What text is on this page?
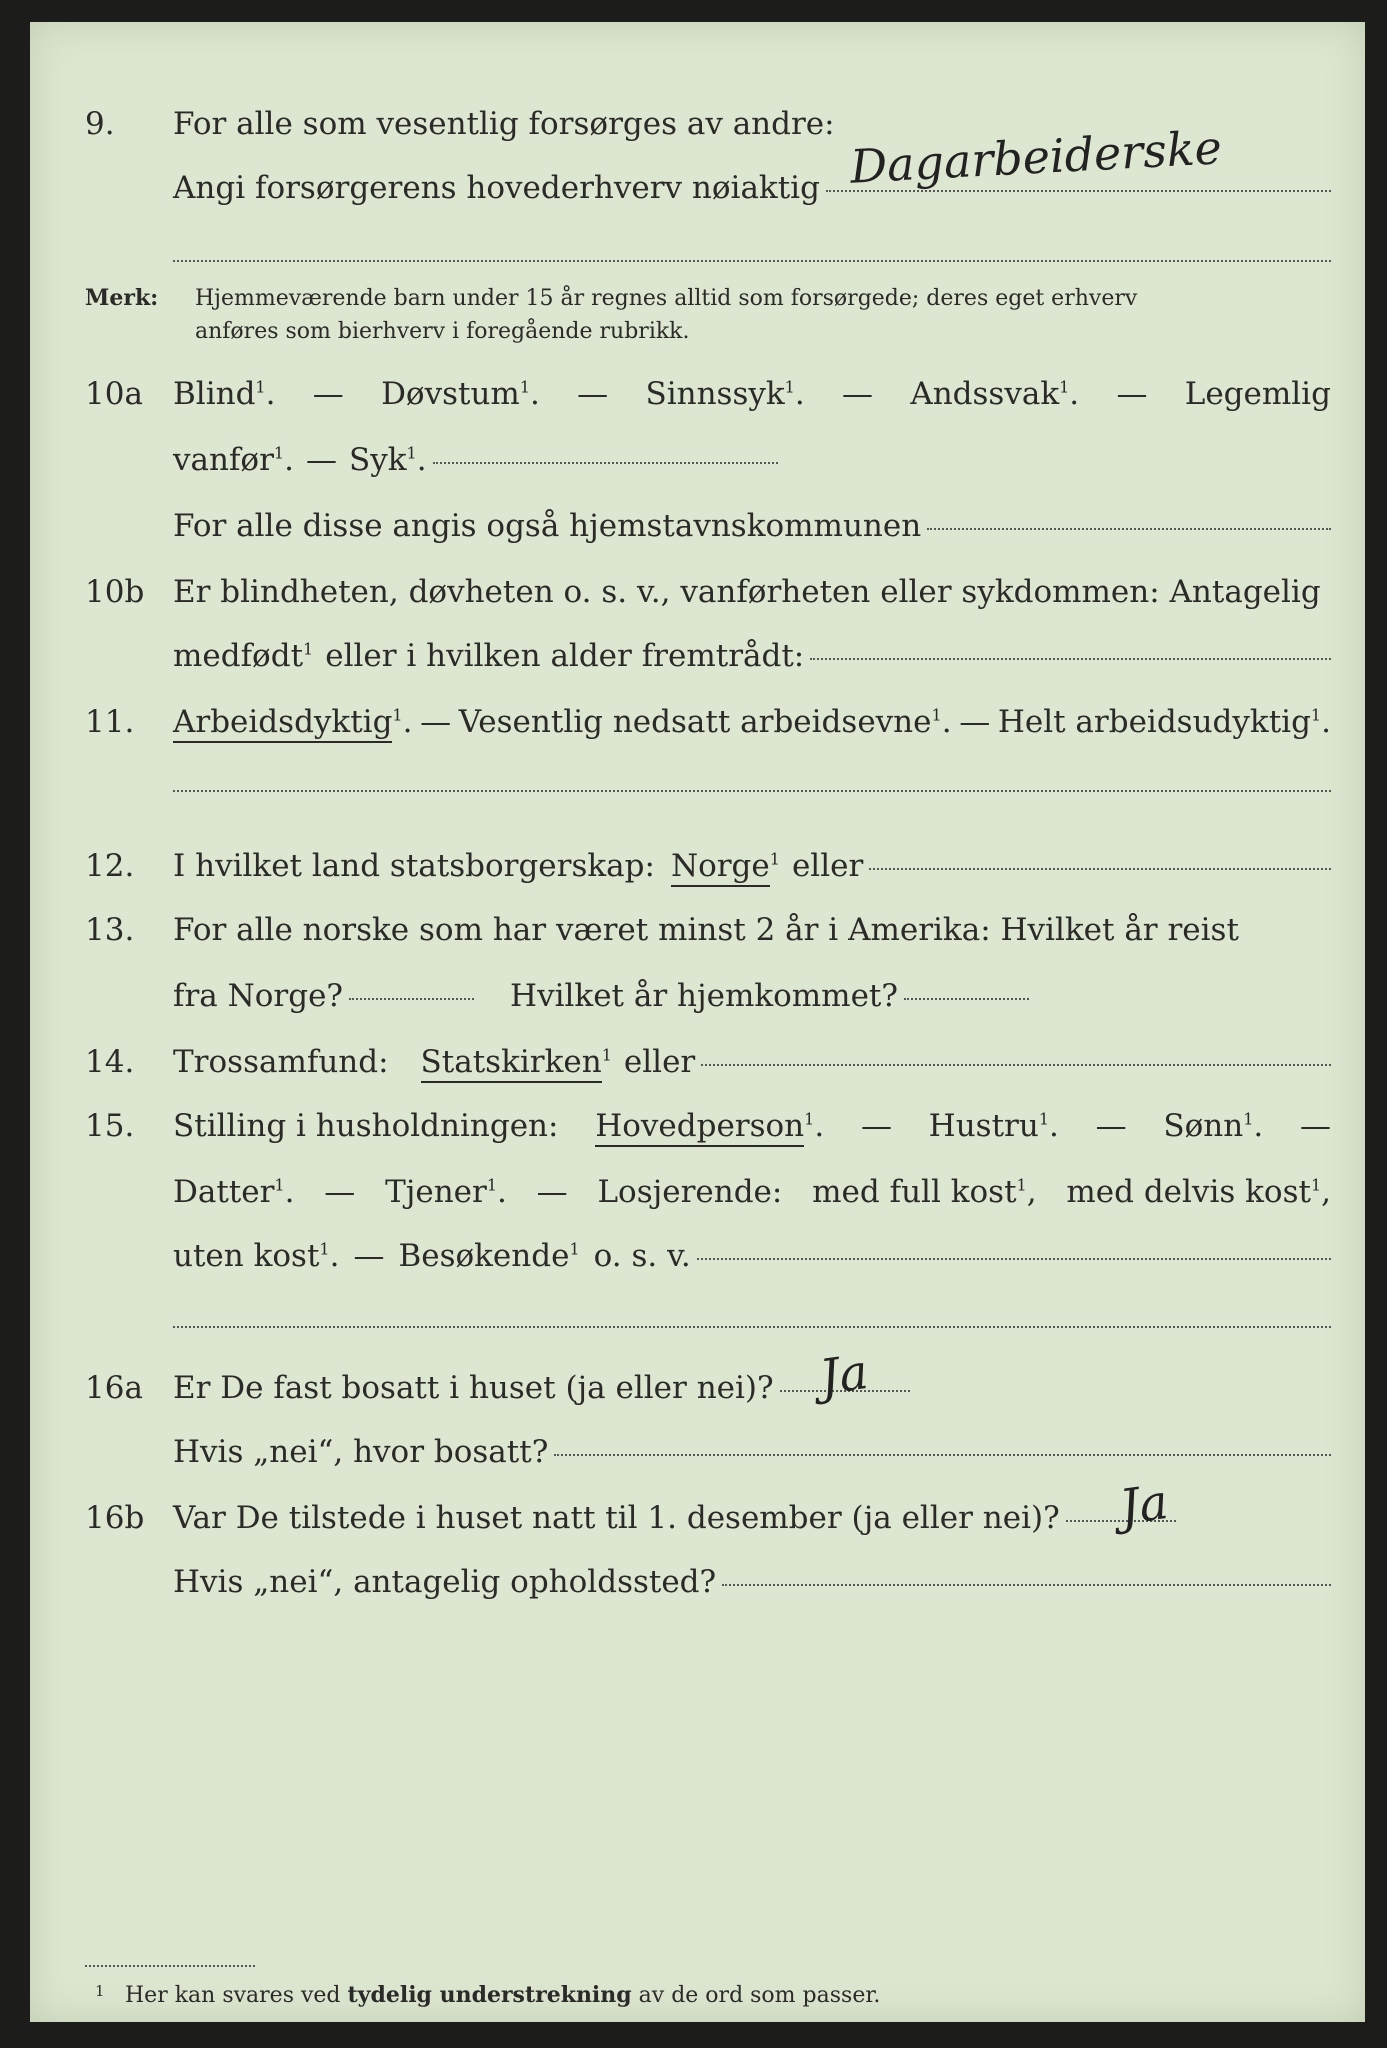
9. For alle som vesentlig forsørges av andre:
Angi forsørgerens hovederhverv nøiaktig Dagarbeiderske
Merk: Hjemmeværende barn under 15 år regnes alltid som forsørgede; deres eget erhverv
anføres som bierhverv i foregående rubrikk.
10a Blind$^1$. — Døvstum$^1$. — Sinnssyk$^1$. — Andssvak$^1$. — Legemlig
vanfør$^1$. — Syk$^1$.
For alle disse angis også hjemstavnskommunen
10b Er blindheten, døvheten o. s. v., vanførheten eller sykdommen: Antagelig
medfødt$^1$ eller i hvilken alder fremtrådt:
11. Arbeidsdyktig$^1$. — Vesentlig nedsatt arbeidsevne$^1$. — Helt arbeidsudyktig$^1$.
12. I hvilket land statsborgerskap: Norge$^1$ eller
13. For alle norske som har været minst 2 år i Amerika: Hvilket år reist
fra Norge?	Hvilket år hjemkommet?
14. Trossamfund: Statskirken$^1$ eller
15. Stilling i husholdningen: Hovedperson$^1$. — Hustru$^1$. — Sønn$^1$. —
Datter$^1$. — Tjener$^1$. — Losjerende: med full kost$^1$, med delvis kost$^1$,
uten kost$^1$. — Besøkende$^1$ o. s. v.
16a Er De fast bosatt i huset (ja eller nei)? Ja
Hvis „nei“, hvor bosatt?
16b Var De tilstede i huset natt til 1. desember (ja eller nei)? Ja
Hvis „nei“, antagelig opholdssted?
1 Her kan svares ved tydelig understrekning av de ord som passer.
